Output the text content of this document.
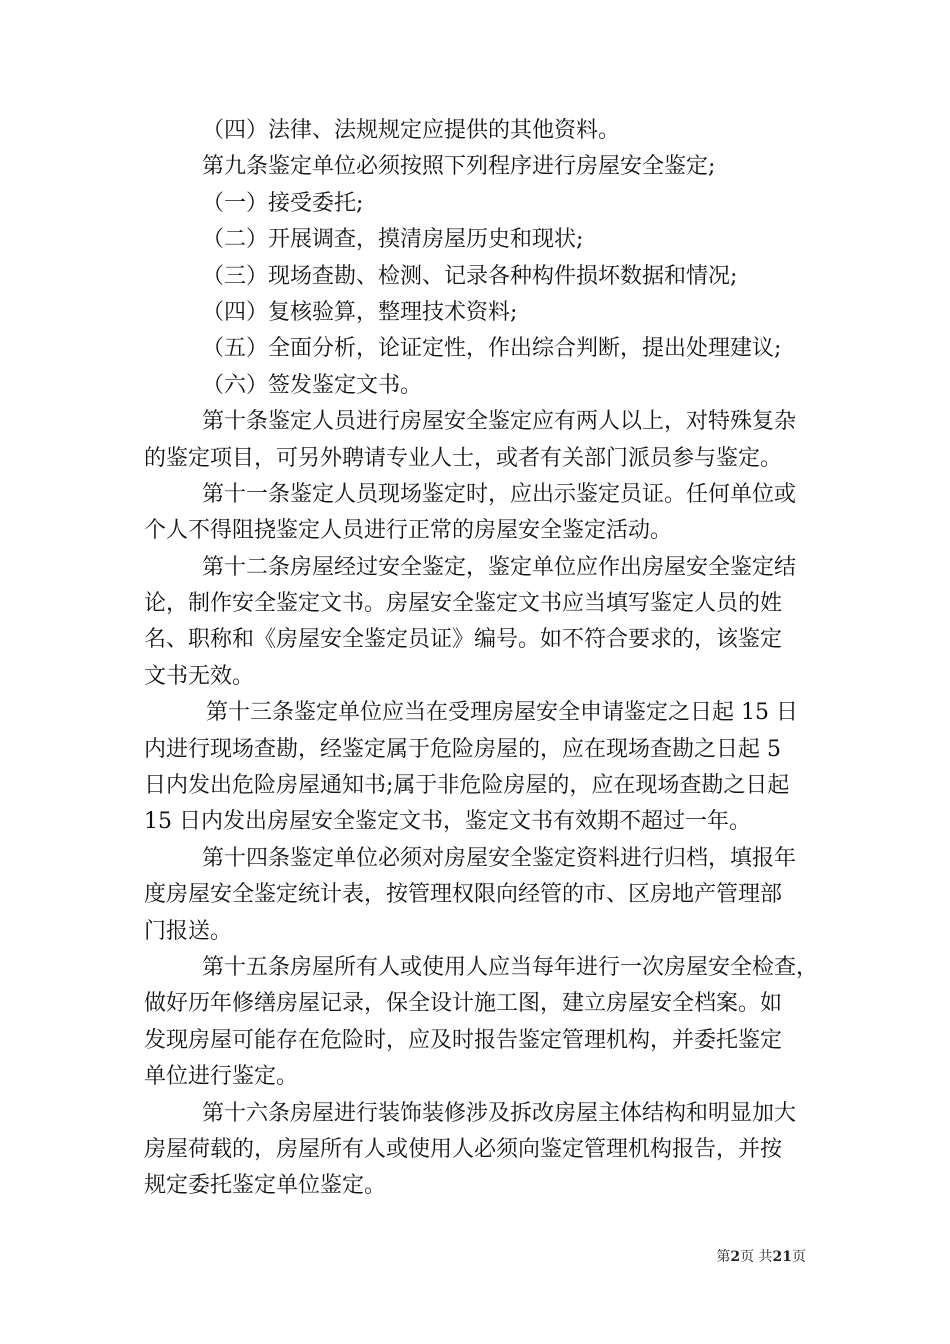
（四）法律、法规规定应提供的其他资料。

第九条鉴定单位必须按照下列程序进行房屋安全鉴定;

（一）接受委托;

（二）开展调查，摸清房屋历史和现状;

（三）现场查勘、检测、记录各种构件损坏数据和情况;

（四）复核验算，整理技术资料;

（五）全面分析，论证定性，作出综合判断，提出处理建议;

（六）签发鉴定文书。

第十条鉴定人员进行房屋安全鉴定应有两人以上，对特殊复杂

的鉴定项目，可另外聘请专业人士，或者有关部门派员参与鉴定。

第十一条鉴定人员现场鉴定时，应出示鉴定员证。任何单位或

个人不得阻挠鉴定人员进行正常的房屋安全鉴定活动。

第十二条房屋经过安全鉴定，鉴定单位应作出房屋安全鉴定结

论，制作安全鉴定文书。房屋安全鉴定文书应当填写鉴定人员的姓

名、职称和《房屋安全鉴定员证》编号。如不符合要求的，该鉴定

文书无效。

第十三条鉴定单位应当在受理房屋安全申请鉴定之日起 15 日

内进行现场查勘，经鉴定属于危险房屋的，应在现场查勘之日起 5

日内发出危险房屋通知书;属于非危险房屋的，应在现场查勘之日起

15 日内发出房屋安全鉴定文书，鉴定文书有效期不超过一年。

第十四条鉴定单位必须对房屋安全鉴定资料进行归档，填报年

度房屋安全鉴定统计表，按管理权限向经管的市、区房地产管理部

门报送。

第十五条房屋所有人或使用人应当每年进行一次房屋安全检查，

做好历年修缮房屋记录，保全设计施工图，建立房屋安全档案。如

发现房屋可能存在危险时，应及时报告鉴定管理机构，并委托鉴定

单位进行鉴定。

第十六条房屋进行装饰装修涉及拆改房屋主体结构和明显加大

房屋荷载的，房屋所有人或使用人必须向鉴定管理机构报告，并按

规定委托鉴定单位鉴定。

第2页 共21页
